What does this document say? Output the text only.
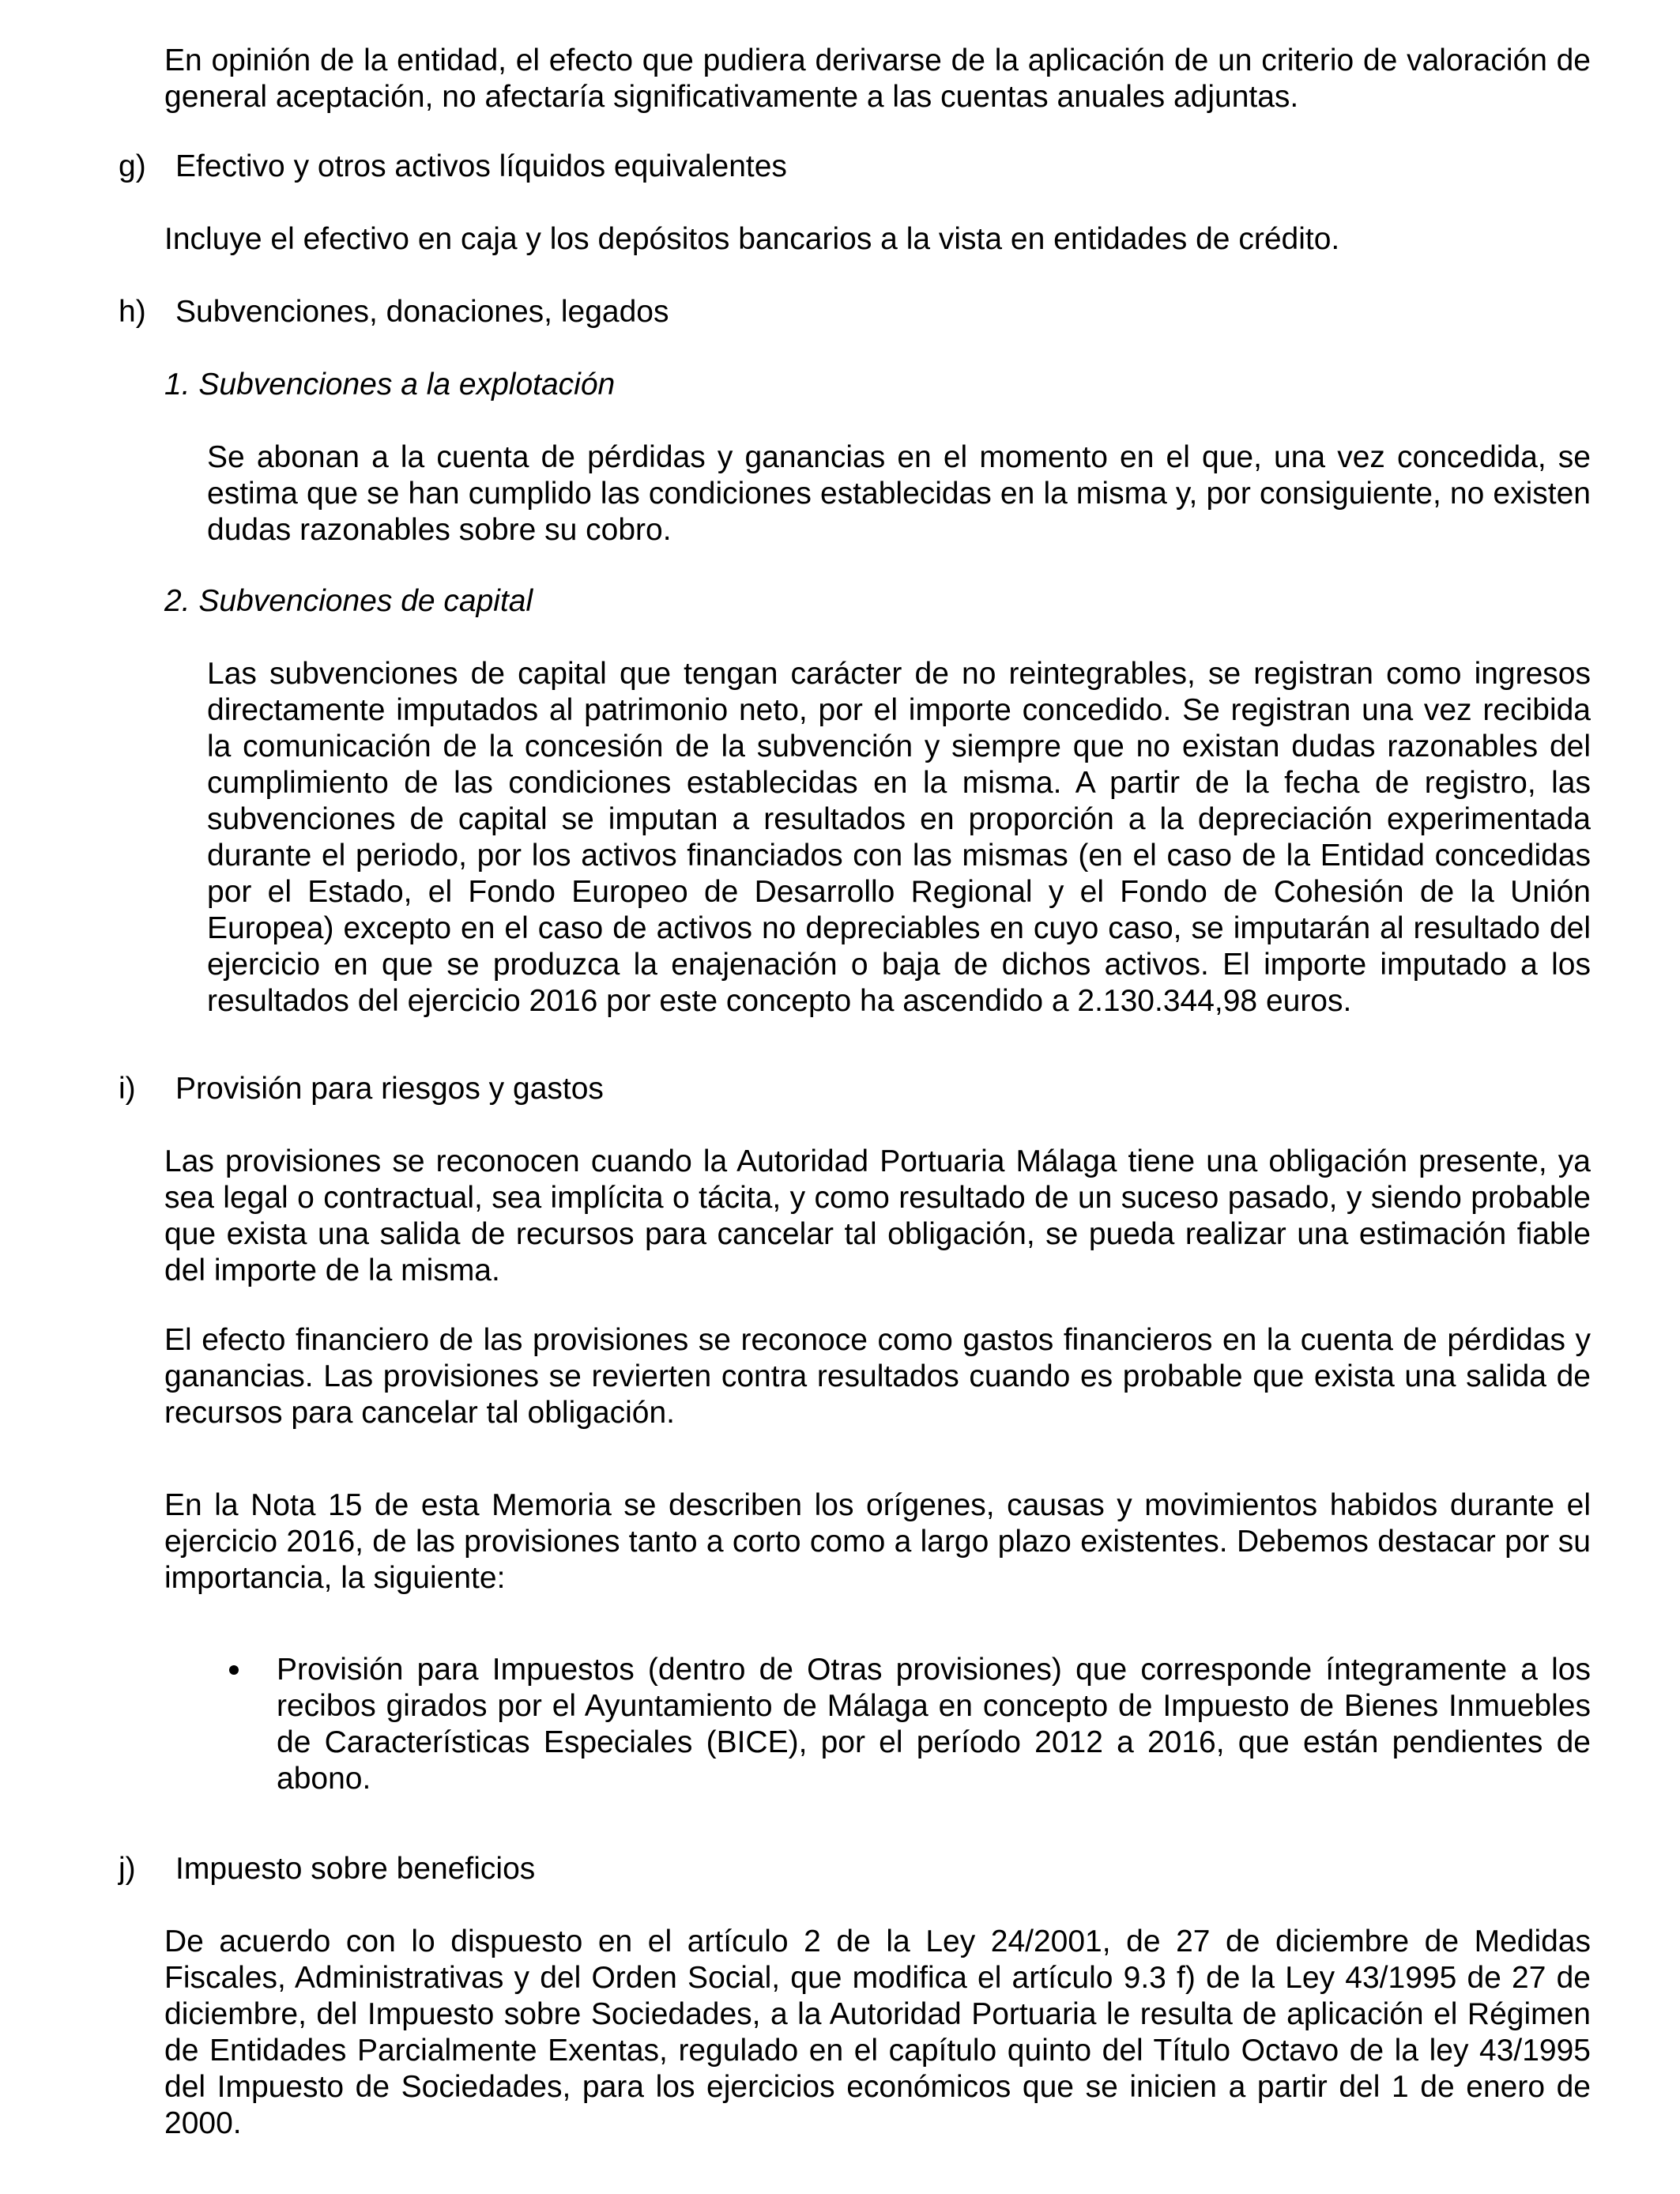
En opinión de la entidad, el efecto que pudiera derivarse de la aplicación de un criterio de valoración de general aceptación, no afectaría significativamente a las cuentas anuales adjuntas.

g) Efectivo y otros activos líquidos equivalentes

Incluye el efectivo en caja y los depósitos bancarios a la vista en entidades de crédito.

h) Subvenciones, donaciones, legados

1. Subvenciones a la explotación

Se abonan a la cuenta de pérdidas y ganancias en el momento en el que, una vez concedida, se estima que se han cumplido las condiciones establecidas en la misma y, por consiguiente, no existen dudas razonables sobre su cobro.

2. Subvenciones de capital

Las subvenciones de capital que tengan carácter de no reintegrables, se registran como ingresos directamente imputados al patrimonio neto, por el importe concedido. Se registran una vez recibida la comunicación de la concesión de la subvención y siempre que no existan dudas razonables del cumplimiento de las condiciones establecidas en la misma. A partir de la fecha de registro, las subvenciones de capital se imputan a resultados en proporción a la depreciación experimentada durante el periodo, por los activos financiados con las mismas (en el caso de la Entidad concedidas por el Estado, el Fondo Europeo de Desarrollo Regional y el Fondo de Cohesión de la Unión Europea) excepto en el caso de activos no depreciables en cuyo caso, se imputarán al resultado del ejercicio en que se produzca la enajenación o baja de dichos activos. El importe imputado a los resultados del ejercicio 2016 por este concepto ha ascendido a 2.130.344,98 euros.

i)	Provisión para riesgos y gastos

Las provisiones se reconocen cuando la Autoridad Portuaria Málaga tiene una obligación presente, ya sea legal o contractual, sea implícita o tácita, y como resultado de un suceso pasado, y siendo probable que exista una salida de recursos para cancelar tal obligación, se pueda realizar una estimación fiable del importe de la misma.

El efecto financiero de las provisiones se reconoce como gastos financieros en la cuenta de pérdidas y ganancias. Las provisiones se revierten contra resultados cuando es probable que exista una salida de recursos para cancelar tal obligación.

En la Nota 15 de esta Memoria se describen los orígenes, causas y movimientos habidos durante el ejercicio 2016, de las provisiones tanto a corto como a largo plazo existentes. Debemos destacar por su importancia, la siguiente:

Provisión para Impuestos (dentro de Otras provisiones) que corresponde íntegramente a los recibos girados por el Ayuntamiento de Málaga en concepto de Impuesto de Bienes Inmuebles de Características Especiales (BICE), por el período 2012 a 2016, que están pendientes de abono.
j)	Impuesto sobre beneficios

De acuerdo con lo dispuesto en el artículo 2 de la Ley 24/2001, de 27 de diciembre de Medidas Fiscales, Administrativas y del Orden Social, que modifica el artículo 9.3 f) de la Ley 43/1995 de 27 de diciembre, del Impuesto sobre Sociedades, a la Autoridad Portuaria le resulta de aplicación el Régimen de Entidades Parcialmente Exentas, regulado en el capítulo quinto del Título Octavo de la ley 43/1995 del Impuesto de Sociedades, para los ejercicios económicos que se inicien a partir del 1 de enero de 2000.
